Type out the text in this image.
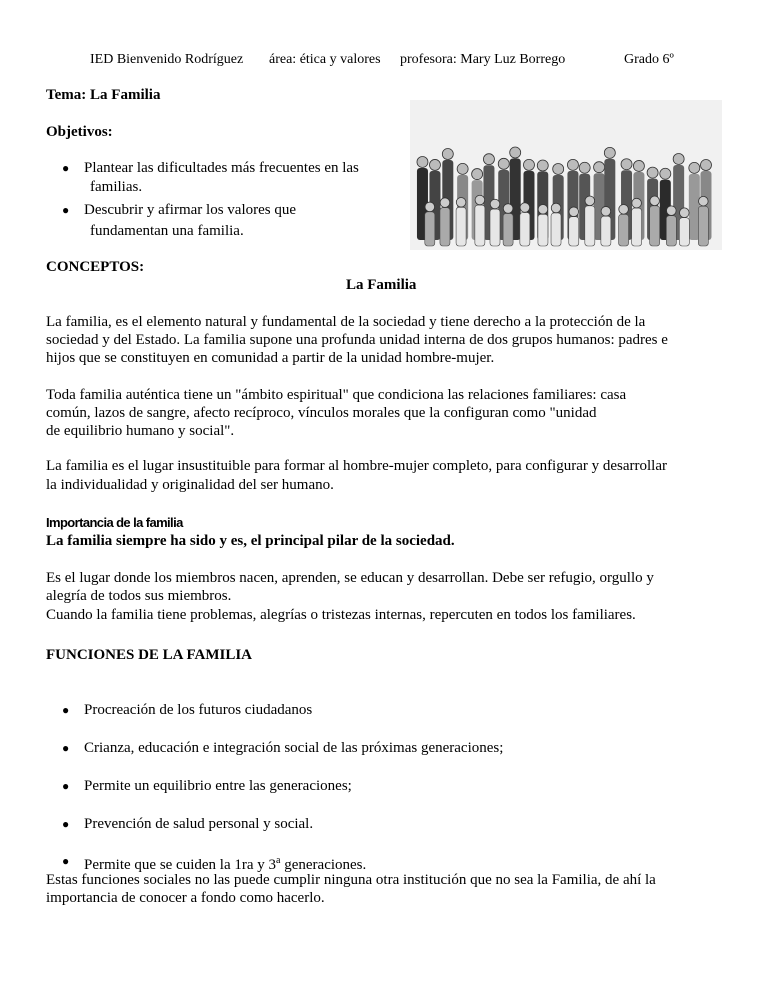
IED Bienvenido Rodríguez área: ética y valores profesora: Mary Luz Borrego	Grado 6º
Tema: La Familia
Objetivos:
● Plantear las dificultades más frecuentes en las
familias.
● Descubrir y afirmar los valores que
fundamentan una familia.
CONCEPTOS:
La Familia
La familia, es el elemento natural y fundamental de la sociedad y tiene derecho a la protección de la
sociedad y del Estado. La familia supone una profunda unidad interna de dos grupos humanos: padres e
hijos que se constituyen en comunidad a partir de la unidad hombre-mujer.
Toda familia auténtica tiene un "ámbito espiritual" que condiciona las relaciones familiares: casa
común, lazos de sangre, afecto recíproco, vínculos morales que la configuran como "unidad
de equilibrio humano y social".
La familia es el lugar insustituible para formar al hombre-mujer completo, para configurar y desarrollar
la individualidad y originalidad del ser humano.
Importancia de la familia
La familia siempre ha sido y es, el principal pilar de la sociedad.
Es el lugar donde los miembros nacen, aprenden, se educan y desarrollan. Debe ser refugio, orgullo y
alegría de todos sus miembros.
Cuando la familia tiene problemas, alegrías o tristezas internas, repercuten en todos los familiares.
FUNCIONES DE LA FAMILIA
● Procreación de los futuros ciudadanos
● Crianza, educación e integración social de las próximas generaciones;
● Permite un equilibrio entre las generaciones;
● Prevención de salud personal y social.
● Permite que se cuiden la 1ra y 3$^a$ generaciones.
Estas funciones sociales no las puede cumplir ninguna otra institución que no sea la Familia, de ahí la
importancia de conocer a fondo como hacerlo.
